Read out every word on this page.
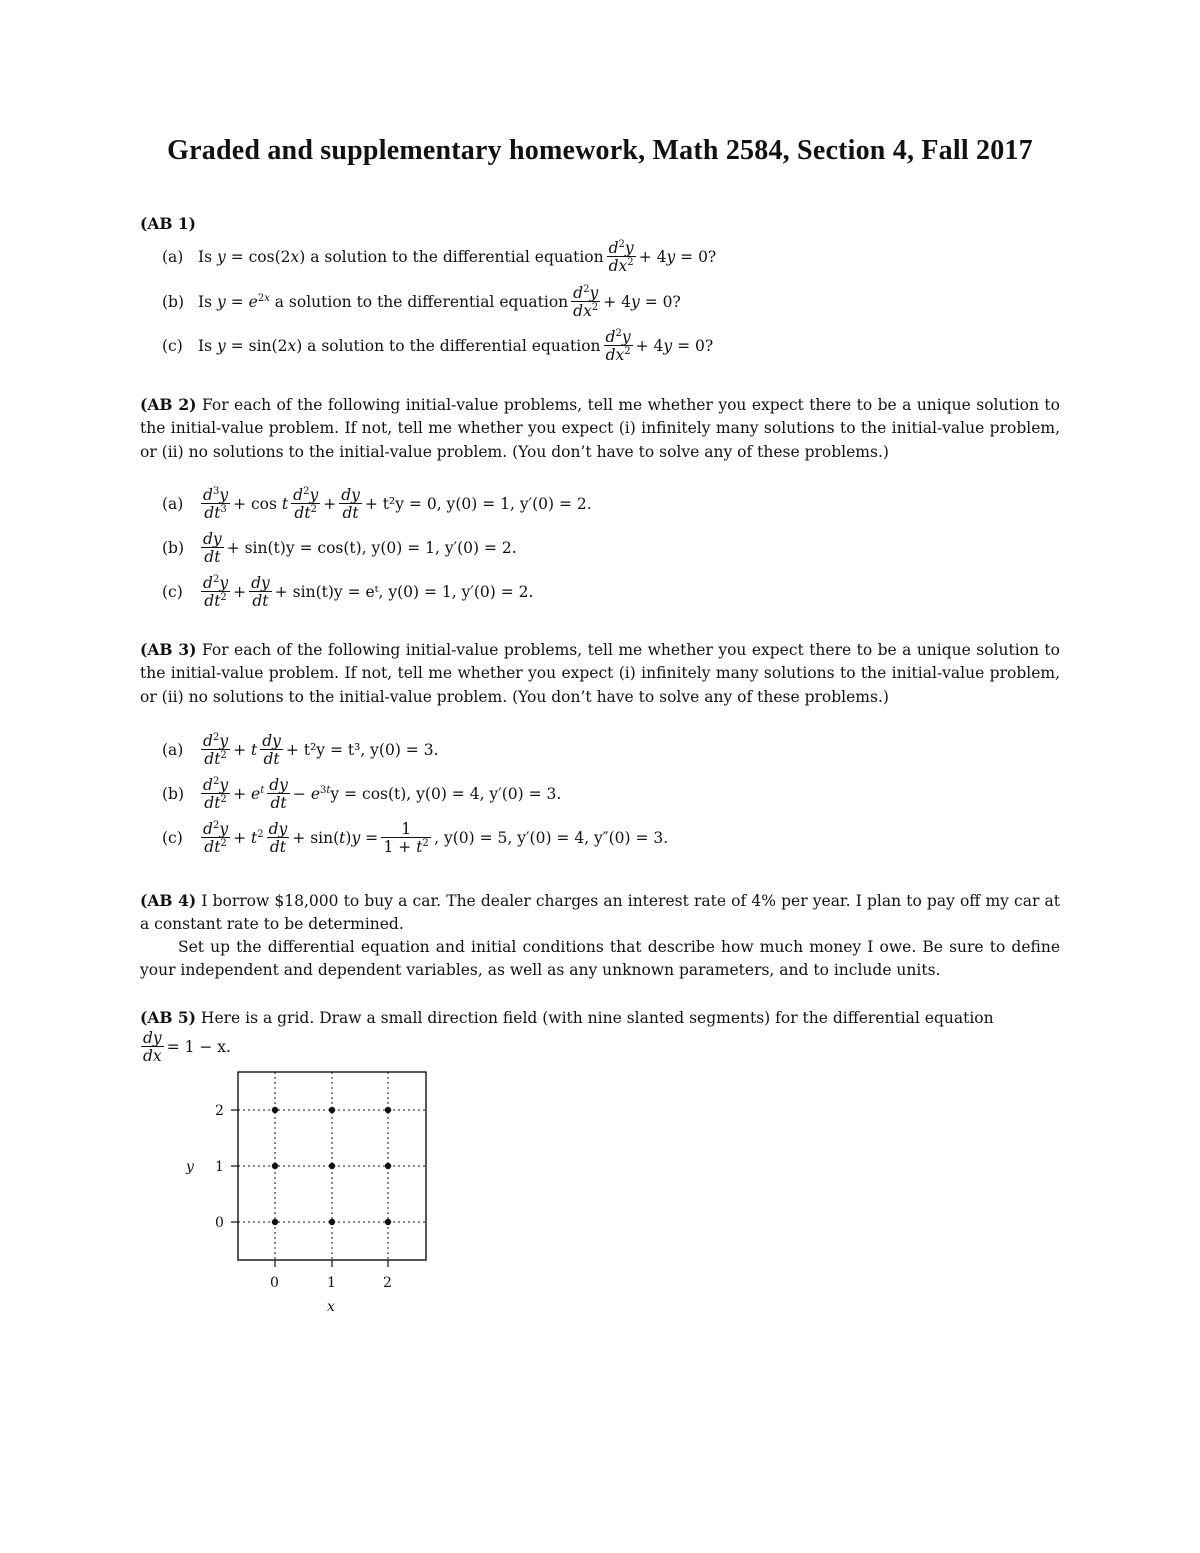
Graded and supplementary homework, Math 2584, Section 4, Fall 2017
(AB 1)
(a) Is y = cos(2x) a solution to the differential equation $\frac{d^2y}{dx^2} + 4y = 0$?
(b) Is $y = e^{2x}$ a solution to the differential equation $\frac{d^2y}{dx^2} + 4y = 0$?
(c) Is y = sin(2x) a solution to the differential equation $\frac{d^2y}{dx^2} + 4y = 0$?
(AB 2) For each of the following initial-value problems, tell me whether you expect there to be a unique solution to the initial-value problem. If not, tell me whether you expect (i) infinitely many solutions to the initial-value problem, or (ii) no solutions to the initial-value problem. (You don’t have to solve any of these problems.)
(a)	$\frac{d^3y}{dt^3} + \cos t \frac{d^2y}{dt^2} + \frac{dy}{dt} + t^2y = 0$, y(0) = 1, y′(0) = 2.
(b)	$\frac{dy}{dt} + \sin(t)y = \cos(t)$, y(0) = 1, y′(0) = 2.
(c)	$\frac{d^2y}{dt^2} + \frac{dy}{dt} + \sin(t)y$ = eᵗ, y(0) = 1, y′(0) = 2.
(AB 3) For each of the following initial-value problems, tell me whether you expect there to be a unique solution to the initial-value problem. If not, tell me whether you expect (i) infinitely many solutions to the initial-value problem, or (ii) no solutions to the initial-value problem. (You don’t have to solve any of these problems.)
(a)	$\frac{d^2y}{dt^2} + t \frac{dy}{dt} + t^2y = t^3$, y(0) = 3.
(b)	$\frac{d^2y}{dt^2} + e^t \frac{dy}{dt} - e^{3t}$ y = cos(t), y(0) = 4, y′(0) = 3.
(c)	$\frac{d^2y}{dt^2} + t^2 \frac{dy}{dt} + \sin(t)y = \frac{1}{1 + t^2}$ , y(0) = 5, y′(0) = 4, y″(0) = 3.
(AB 4) I borrow $18,000 to buy a car. The dealer charges an interest rate of 4% per year. I plan to pay off my car at a constant rate to be determined.
Set up the differential equation and initial conditions that describe how much money I owe. Be sure to define your independent and dependent variables, as well as any unknown parameters, and to include units.
(AB 5) Here is a grid. Draw a small direction field (with nine slanted segments) for the differential equation
$\frac{dy}{dx} = 1 - x$.
2
1
0
0	1	2
y
x
